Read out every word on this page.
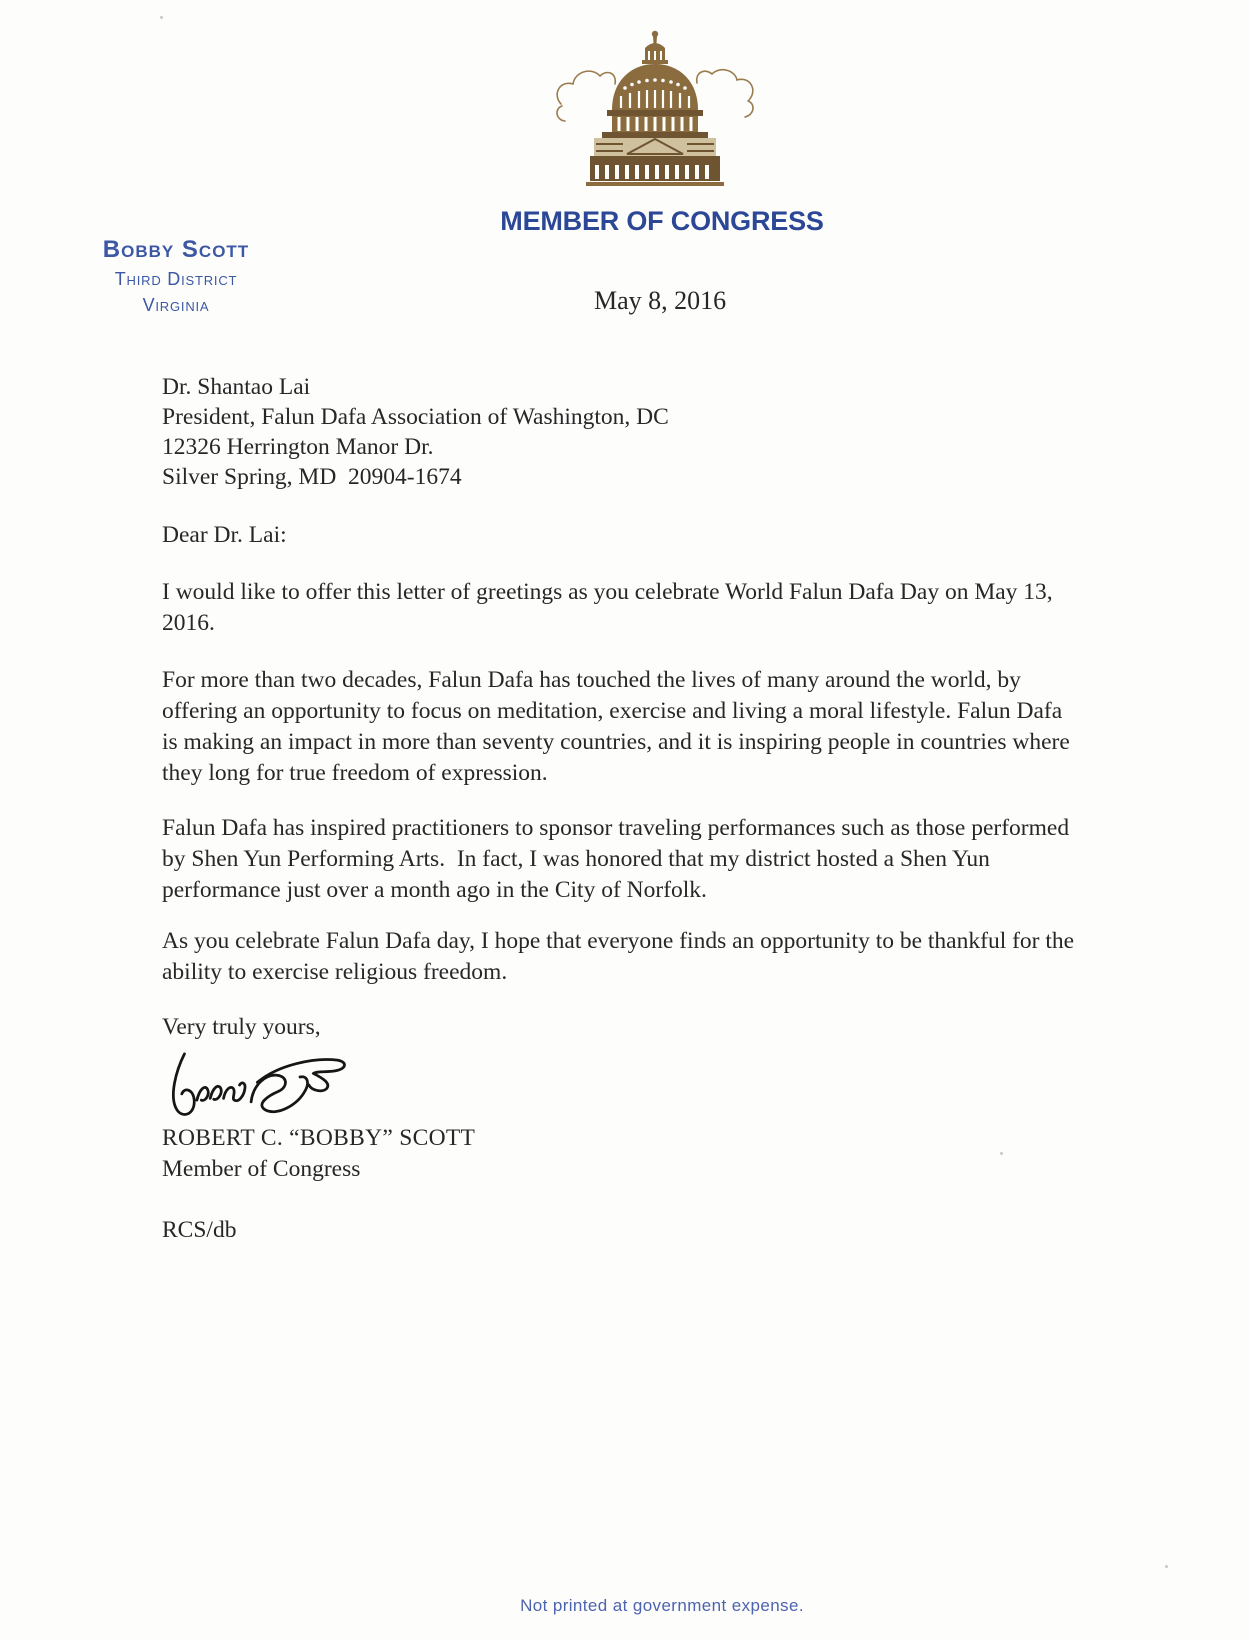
MEMBER OF CONGRESS
Bobby Scott
Third District
Virginia	May 8, 2016
Dr. Shantao Lai
President, Falun Dafa Association of Washington, DC
12326 Herrington Manor Dr.
Silver Spring, MD  20904-1674
Dear Dr. Lai:
I would like to offer this letter of greetings as you celebrate World Falun Dafa Day on May 13,
2016.
For more than two decades, Falun Dafa has touched the lives of many around the world, by
offering an opportunity to focus on meditation, exercise and living a moral lifestyle. Falun Dafa
is making an impact in more than seventy countries, and it is inspiring people in countries where
they long for true freedom of expression.
Falun Dafa has inspired practitioners to sponsor traveling performances such as those performed
by Shen Yun Performing Arts.  In fact, I was honored that my district hosted a Shen Yun
performance just over a month ago in the City of Norfolk.
As you celebrate Falun Dafa day, I hope that everyone finds an opportunity to be thankful for the
ability to exercise religious freedom.
Very truly yours,
ROBERT C. “BOBBY” SCOTT
Member of Congress
RCS/db
Not printed at government expense.
